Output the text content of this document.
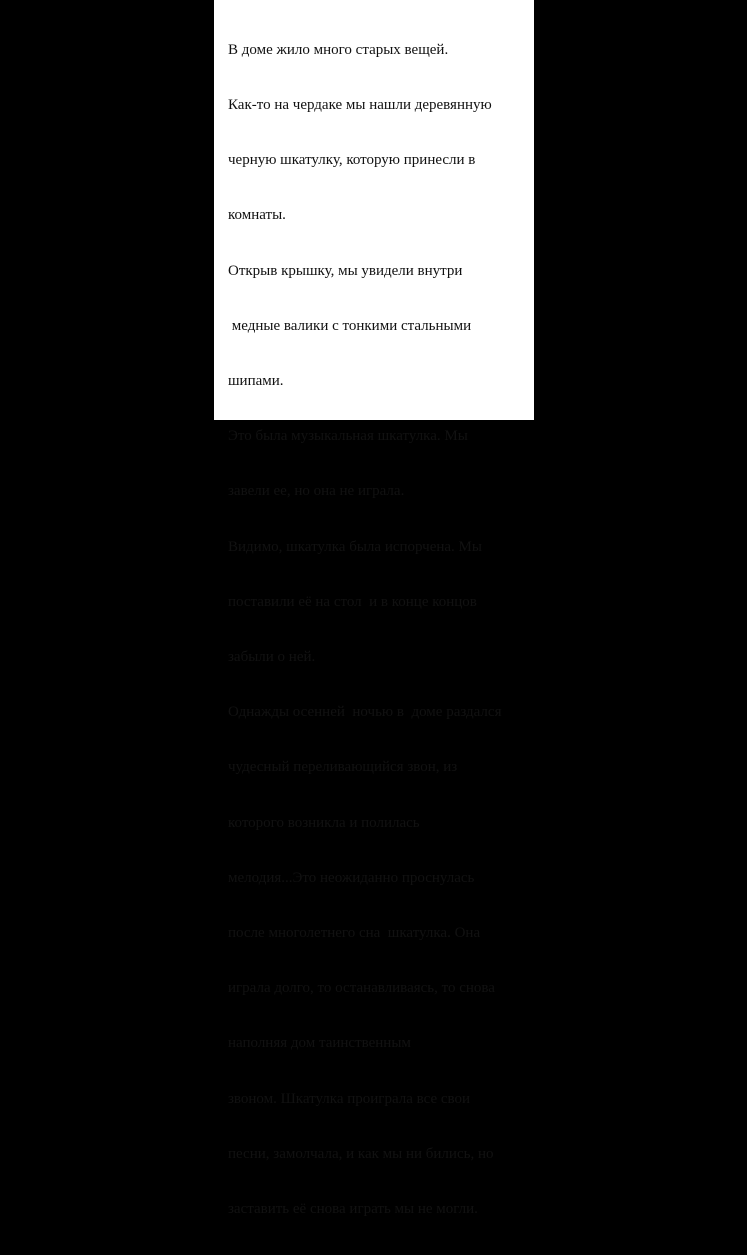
В доме жило много старых вещей.

Как-то на чердаке мы нашли деревянную

черную шкатулку, которую принесли в

комнаты.

Открыв крышку, мы увидели внутри

медные валики с тонкими стальными

шипами.

Это была музыкальная шкатулка. Мы

завели ее, но она не играла.

Видимо, шкатулка была испорчена. Мы

поставили её на стол  и в конце концов

забыли о ней.

Однажды осенней  ночью в  доме раздался

чудесный переливающийся звон, из

которого возникла и полилась

мелодия...Это неожиданно проснулась

после многолетнего сна  шкатулка. Она

играла долго, то останавливаясь, то снова

наполняя дом таинственным

звоном. Шкатулка проиграла все свои

песни, замолчала, и как мы ни бились, но

заставить её снова играть мы не могли.
